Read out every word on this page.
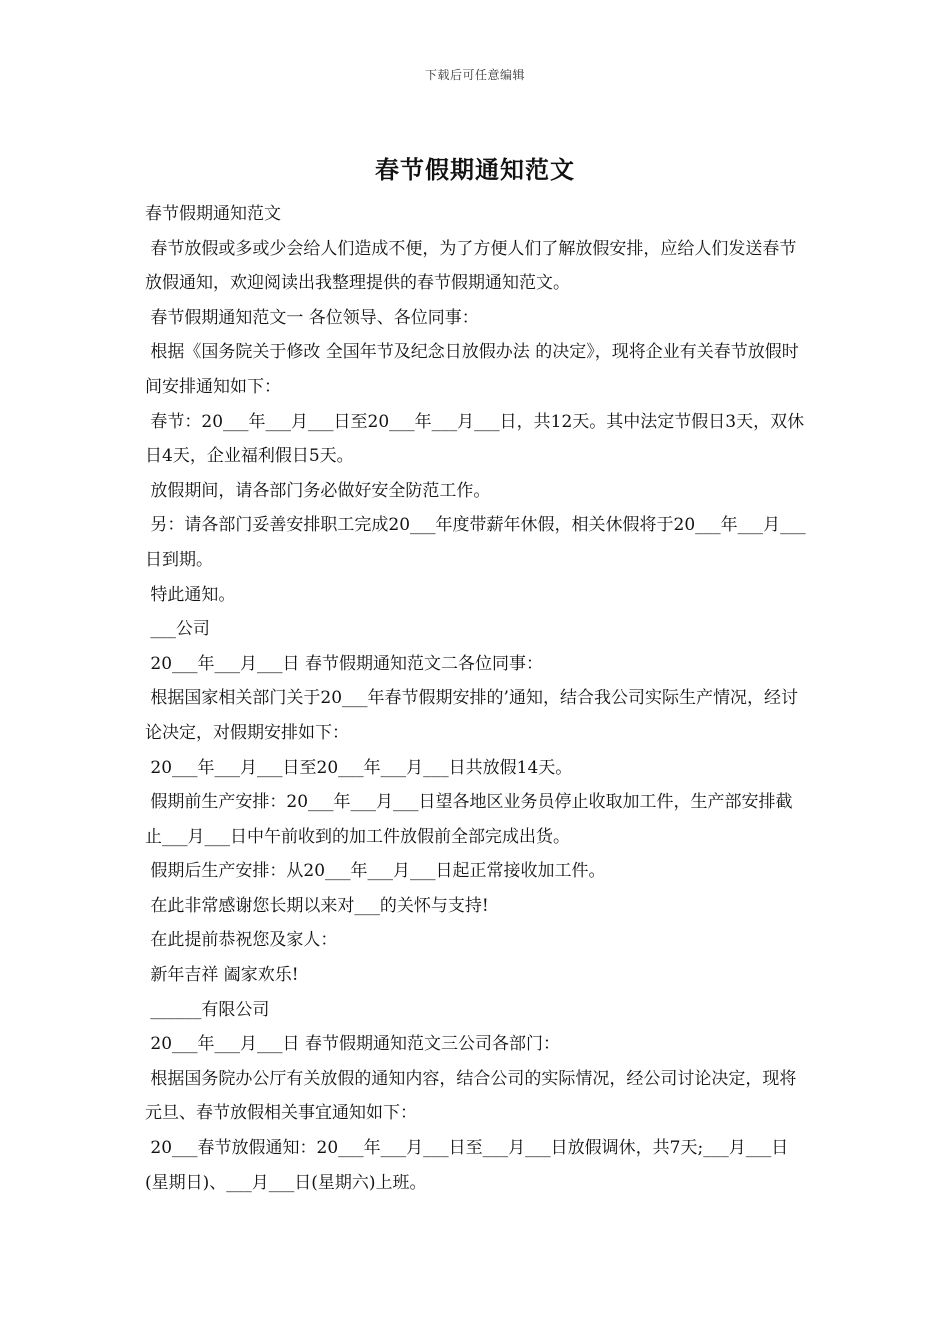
下载后可任意编辑
春节假期通知范文

春节假期通知范文

春节放假或多或少会给人们造成不便，为了方便人们了解放假安排，应给人们发送春节放假通知，欢迎阅读出我整理提供的春节假期通知范文。

春节假期通知范文一 各位领导、各位同事：

根据《国务院关于修改 全国年节及纪念日放假办法 的决定》，现将企业有关春节放假时间安排通知如下：

春节：20___年___月___日至20___年___月___日，共12天。其中法定节假日3天，双休日4天，企业福利假日5天。

放假期间，请各部门务必做好安全防范工作。

另：请各部门妥善安排职工完成20___年度带薪年休假，相关休假将于20___年___月___日到期。

特此通知。

___公司

20___年___月___日 春节假期通知范文二各位同事：

根据国家相关部门关于20___年春节假期安排的’通知，结合我公司实际生产情况，经讨论决定，对假期安排如下：

20___年___月___日至20___年___月___日共放假14天。

假期前生产安排：20___年___月___日望各地区业务员停止收取加工件，生产部安排截止___月___日中午前收到的加工件放假前全部完成出货。

假期后生产安排：从20___年___月___日起正常接收加工件。

在此非常感谢您长期以来对___的关怀与支持!

在此提前恭祝您及家人：

新年吉祥 阖家欢乐!

______有限公司

20___年___月___日 春节假期通知范文三公司各部门：

根据国务院办公厅有关放假的通知内容，结合公司的实际情况，经公司讨论决定，现将元旦、春节放假相关事宜通知如下：

20___春节放假通知：20___年___月___日至___月___日放假调休，共7天;___月___日(星期日)、___月___日(星期六)上班。
